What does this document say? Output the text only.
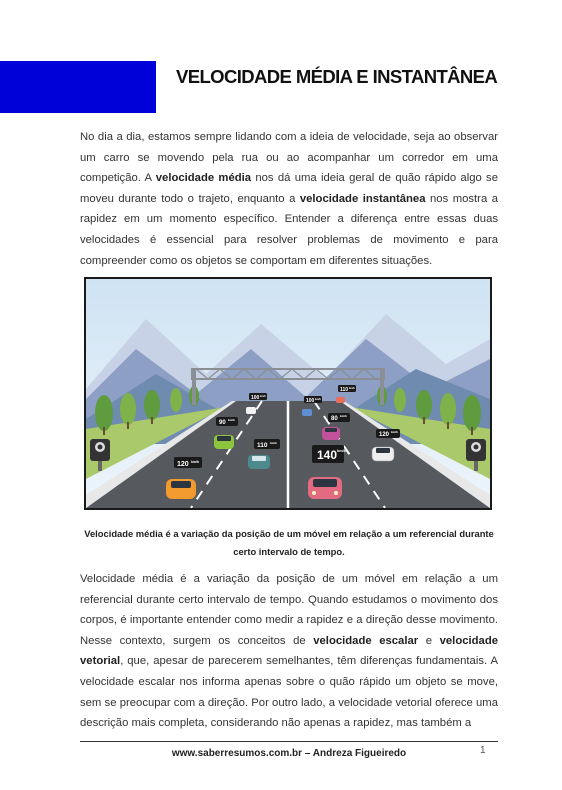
VELOCIDADE MÉDIA E INSTANTÂNEA

No dia a dia, estamos sempre lidando com a ideia de velocidade, seja ao observar um carro se movendo pela rua ou ao acompanhar um corredor em uma competição. A velocidade média nos dá uma ideia geral de quão rápido algo se moveu durante todo o trajeto, enquanto a velocidade instantânea nos mostra a rapidez em um momento específico. Entender a diferença entre essas duas velocidades é essencial para resolver problemas de movimento e para compreender como os objetos se comportam em diferentes situações.

140 km/h
120 km/h
110 km/h
90 km/h
120 km/h
80 km/h
100 km/h
100 km/h
110 km/h

Velocidade média é a variação da posição de um móvel em relação a um referencial durante certo intervalo de tempo.

Velocidade média é a variação da posição de um móvel em relação a um referencial durante certo intervalo de tempo. Quando estudamos o movimento dos corpos, é importante entender como medir a rapidez e a direção desse movimento. Nesse contexto, surgem os conceitos de velocidade escalar e velocidade vetorial, que, apesar de parecerem semelhantes, têm diferenças fundamentais. A velocidade escalar nos informa apenas sobre o quão rápido um objeto se move, sem se preocupar com a direção. Por outro lado, a velocidade vetorial oferece uma descrição mais completa, considerando não apenas a rapidez, mas também a

www.saberresumos.com.br – Andreza Figueiredo	1
